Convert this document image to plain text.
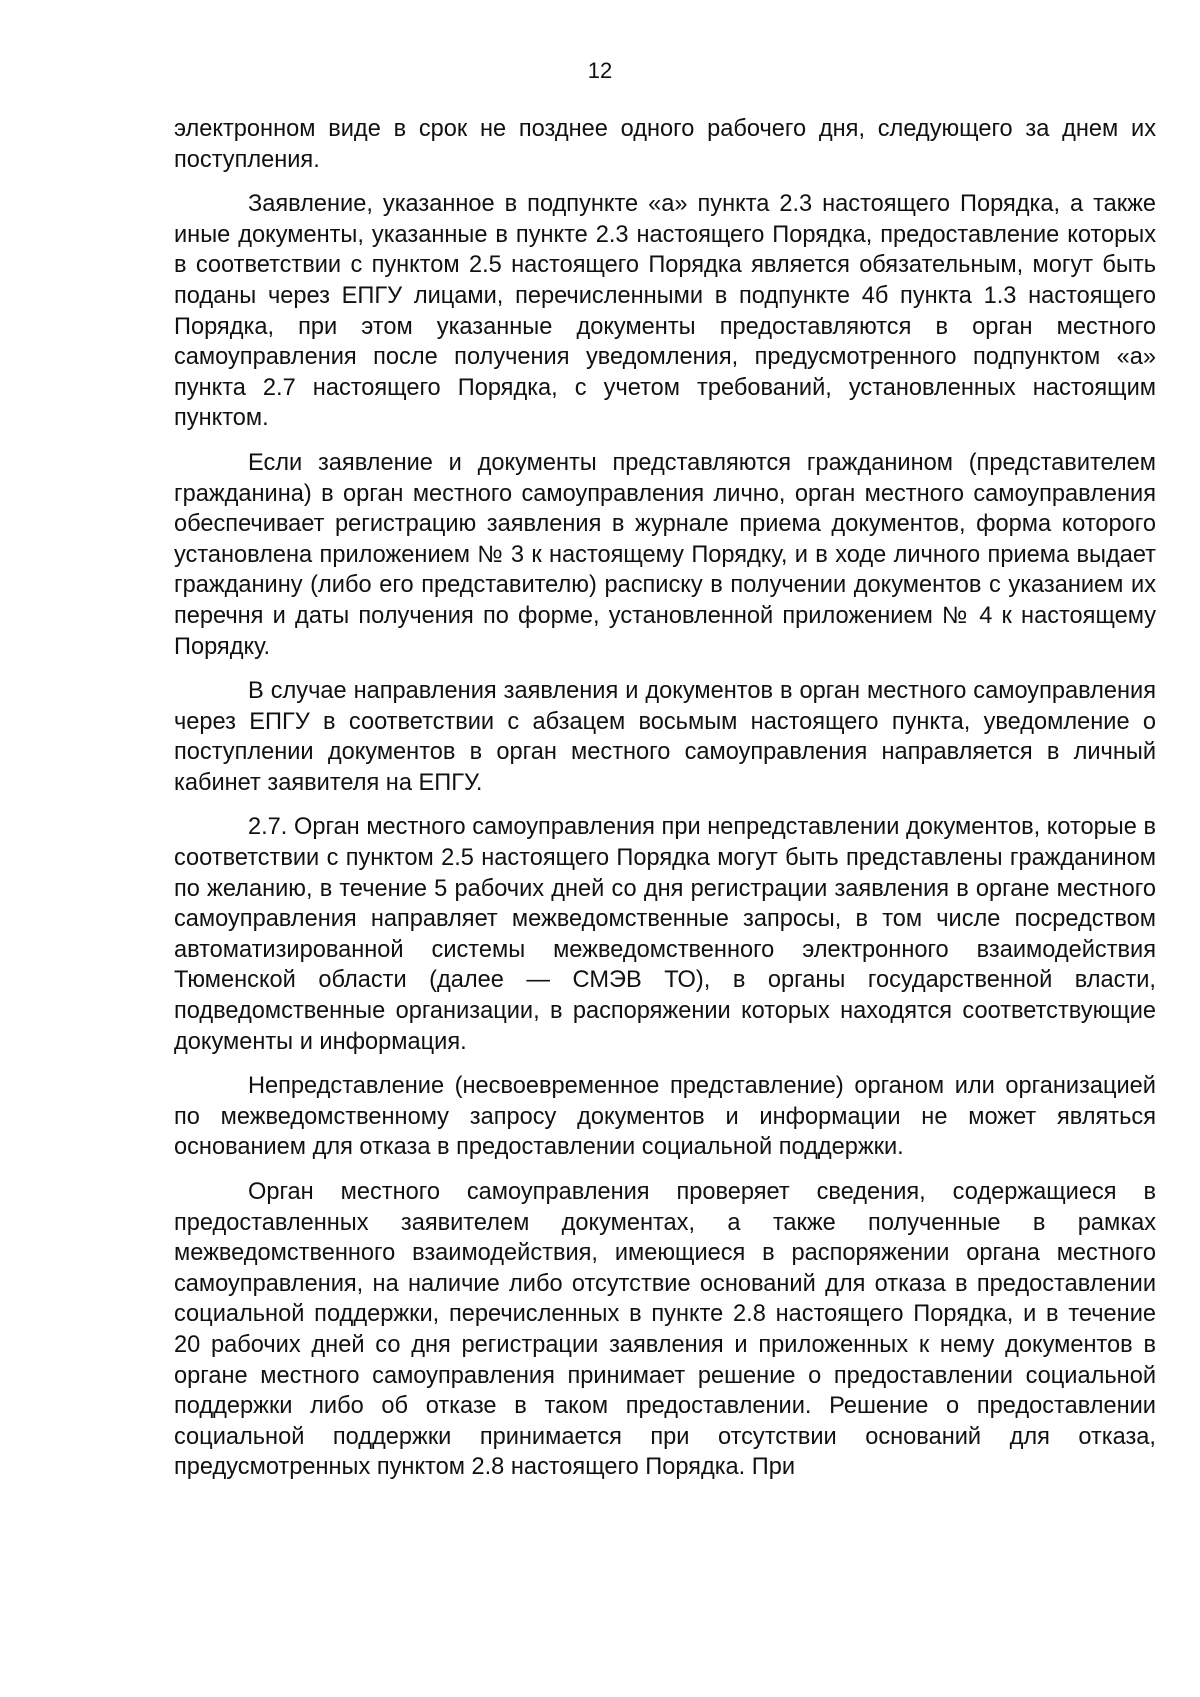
12

электронном виде в срок не позднее одного рабочего дня, следующего за днем их поступления.

Заявление, указанное в подпункте «а» пункта 2.3 настоящего Порядка, а также иные документы, указанные в пункте 2.3 настоящего Порядка, предоставление которых в соответствии с пунктом 2.5 настоящего Порядка является обязательным, могут быть поданы через ЕПГУ лицами, перечисленными в подпункте 4б пункта 1.3 настоящего Порядка, при этом указанные документы предоставляются в орган местного самоуправления после получения уведомления, предусмотренного подпунктом «а» пункта 2.7 настоящего Порядка, с учетом требований, установленных настоящим пунктом.

Если заявление и документы представляются гражданином (представителем гражданина) в орган местного самоуправления лично, орган местного самоуправления обеспечивает регистрацию заявления в журнале приема документов, форма которого установлена приложением № 3 к настоящему Порядку, и в ходе личного приема выдает гражданину (либо его представителю) расписку в получении документов с указанием их перечня и даты получения по форме, установленной приложением № 4 к настоящему Порядку.

В случае направления заявления и документов в орган местного самоуправления через ЕПГУ в соответствии с абзацем восьмым настоящего пункта, уведомление о поступлении документов в орган местного самоуправления направляется в личный кабинет заявителя на ЕПГУ.

2.7. Орган местного самоуправления при непредставлении документов, которые в соответствии с пунктом 2.5 настоящего Порядка могут быть представлены гражданином по желанию, в течение 5 рабочих дней со дня регистрации заявления в органе местного самоуправления направляет межведомственные запросы, в том числе посредством автоматизированной системы межведомственного электронного взаимодействия Тюменской области (далее — СМЭВ ТО), в органы государственной власти, подведомственные организации, в распоряжении которых находятся соответствующие документы и информация.

Непредставление (несвоевременное представление) органом или организацией по межведомственному запросу документов и информации не может являться основанием для отказа в предоставлении социальной поддержки.

Орган местного самоуправления проверяет сведения, содержащиеся в предоставленных заявителем документах, а также полученные в рамках межведомственного взаимодействия, имеющиеся в распоряжении органа местного самоуправления, на наличие либо отсутствие оснований для отказа в предоставлении социальной поддержки, перечисленных в пункте 2.8 настоящего Порядка, и в течение 20 рабочих дней со дня регистрации заявления и приложенных к нему документов в органе местного самоуправления принимает решение о предоставлении социальной поддержки либо об отказе в таком предоставлении. Решение о предоставлении социальной поддержки принимается при отсутствии оснований для отказа, предусмотренных пунктом 2.8 настоящего Порядка. При
